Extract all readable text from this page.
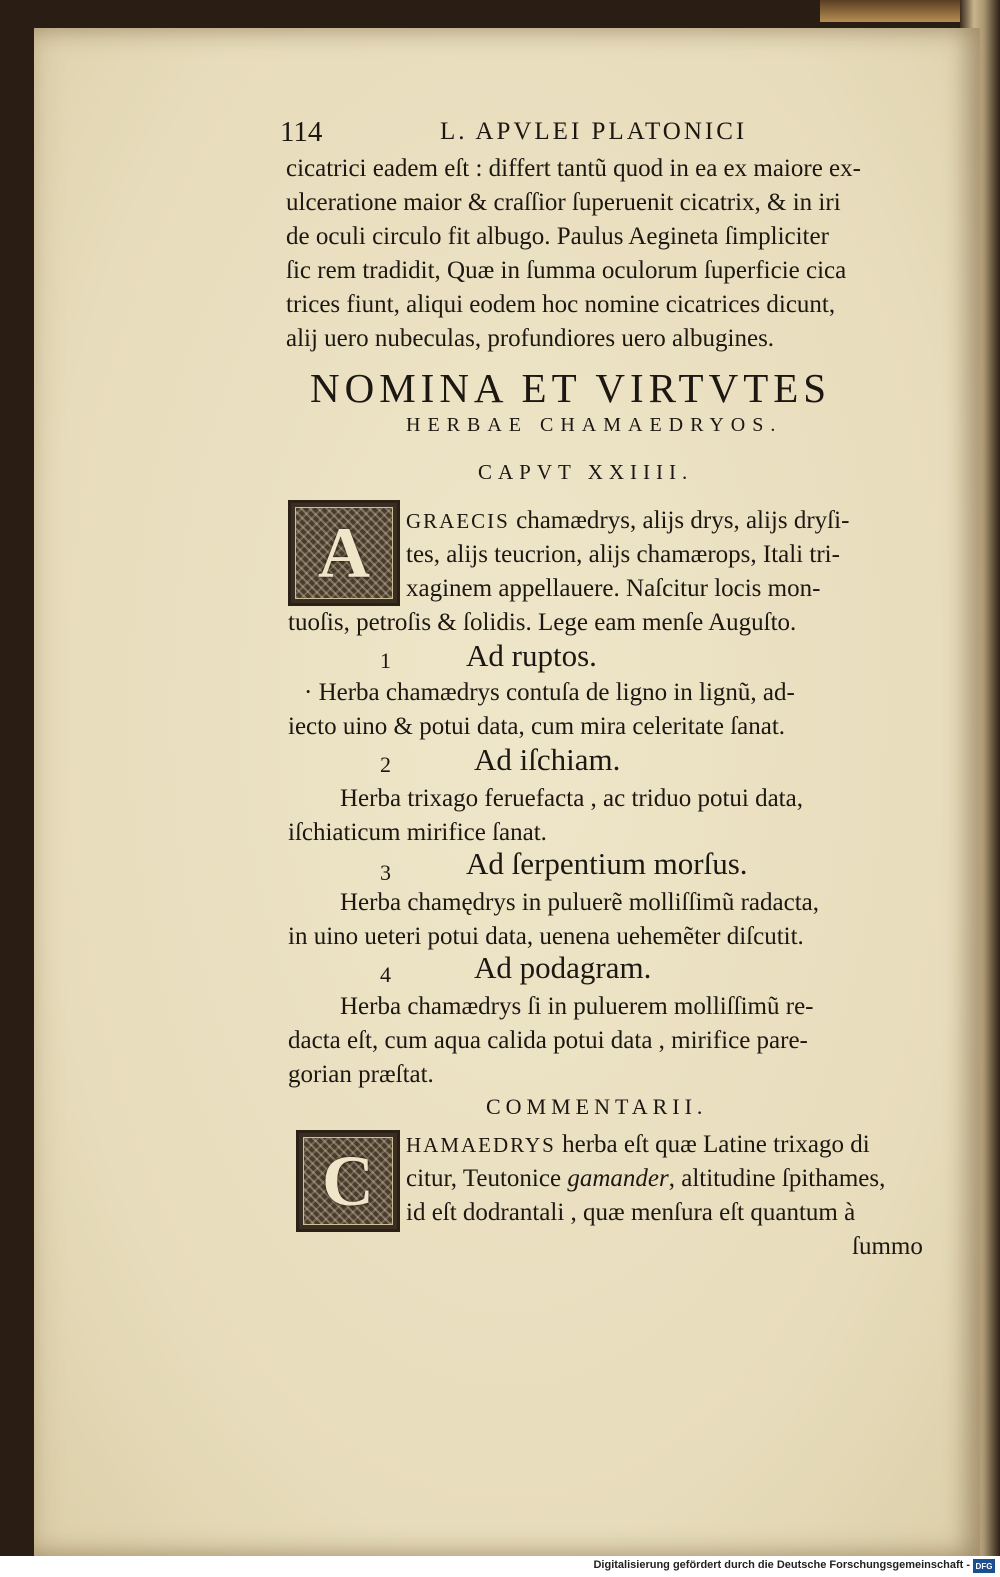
114	L. APVLEI PLATONICI
cicatrici eadem eſt : differt tantũ quod in ea ex maiore ex-
ulceratione maior & craſſior ſuperuenit cicatrix, & in iri
de oculi circulo fit albugo. Paulus Aegineta ſimpliciter
ſic rem tradidit, Quæ in ſumma oculorum ſuperficie cica
trices fiunt, aliqui eodem hoc nomine cicatrices dicunt,
alij uero nubeculas, profundiores uero albugines.
NOMINA ET VIRTVTES
HERBAE CHAMAEDRYOS.
CAPVT XXIIII.
A GRAECIS chamædrys, alijs drys, alijs dryſi-
tes, alijs teucrion, alijs chamærops, Itali tri-
xaginem appellauere. Naſcitur locis mon-
tuoſis, petroſis & ſolidis. Lege eam menſe Auguſto.
1 Ad ruptos.
· Herba chamædrys contuſa de ligno in lignũ, ad-
iecto uino & potui data, cum mira celeritate ſanat.
2	Ad iſchiam.
Herba trixago feruefacta , ac triduo potui data,
iſchiaticum mirifice ſanat.
3 Ad ſerpentium morſus.
Herba chamędrys in puluerẽ molliſſimũ radacta,
in uino ueteri potui data, uenena uehemẽter diſcutit.
4	Ad podagram.
Herba chamædrys ſi in puluerem molliſſimũ re-
dacta eſt, cum aqua calida potui data , mirifice pare-
gorian præſtat.
COMMENTARII.
C HAMAEDRYS herba eſt quæ Latine trixago di
citur, Teutonice gamander, altitudine ſpithames,
id eſt dodrantali , quæ menſura eſt quantum à
ſummo
Digitalisierung gefördert durch die Deutsche Forschungsgemeinschaft - DFG
